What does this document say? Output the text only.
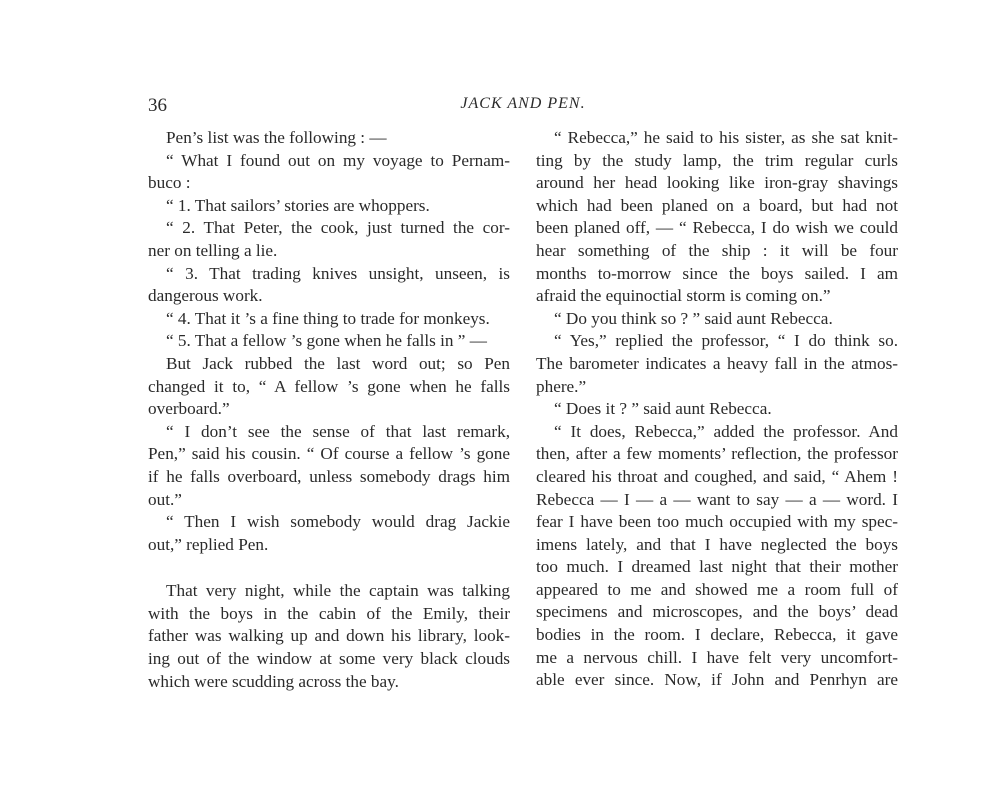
36	JACK AND PEN.
Pen’s list was the following : —
“ What I found out on my voyage to Pernam-
buco :
“ 1. That sailors’ stories are whoppers.
“ 2. That Peter, the cook, just turned the cor-
ner on telling a lie.
“ 3. That trading knives unsight, unseen, is
dangerous work.
“ 4. That it ’s a fine thing to trade for monkeys.
“ 5. That a fellow ’s gone when he falls in ” —
But Jack rubbed the last word out; so Pen
changed it to, “ A fellow ’s gone when he falls
overboard.”
“ I don’t see the sense of that last remark,
Pen,” said his cousin. “ Of course a fellow ’s gone
if he falls overboard, unless somebody drags him
out.”
“ Then I wish somebody would drag Jackie
out,” replied Pen.
That very night, while the captain was talking
with the boys in the cabin of the Emily, their
father was walking up and down his library, look-
ing out of the window at some very black clouds
which were scudding across the bay.
“ Rebecca,” he said to his sister, as she sat knit-
ting by the study lamp, the trim regular curls
around her head looking like iron-gray shavings
which had been planed on a board, but had not
been planed off, — “ Rebecca, I do wish we could
hear something of the ship : it will be four
months to-morrow since the boys sailed. I am
afraid the equinoctial storm is coming on.”
“ Do you think so ? ” said aunt Rebecca.
“ Yes,” replied the professor, “ I do think so.
The barometer indicates a heavy fall in the atmos-
phere.”
“ Does it ? ” said aunt Rebecca.
“ It does, Rebecca,” added the professor. And
then, after a few moments’ reflection, the professor
cleared his throat and coughed, and said, “ Ahem !
Rebecca — I — a — want to say — a — word. I
fear I have been too much occupied with my spec-
imens lately, and that I have neglected the boys
too much. I dreamed last night that their mother
appeared to me and showed me a room full of
specimens and microscopes, and the boys’ dead
bodies in the room. I declare, Rebecca, it gave
me a nervous chill. I have felt very uncomfort-
able ever since. Now, if John and Penrhyn are
